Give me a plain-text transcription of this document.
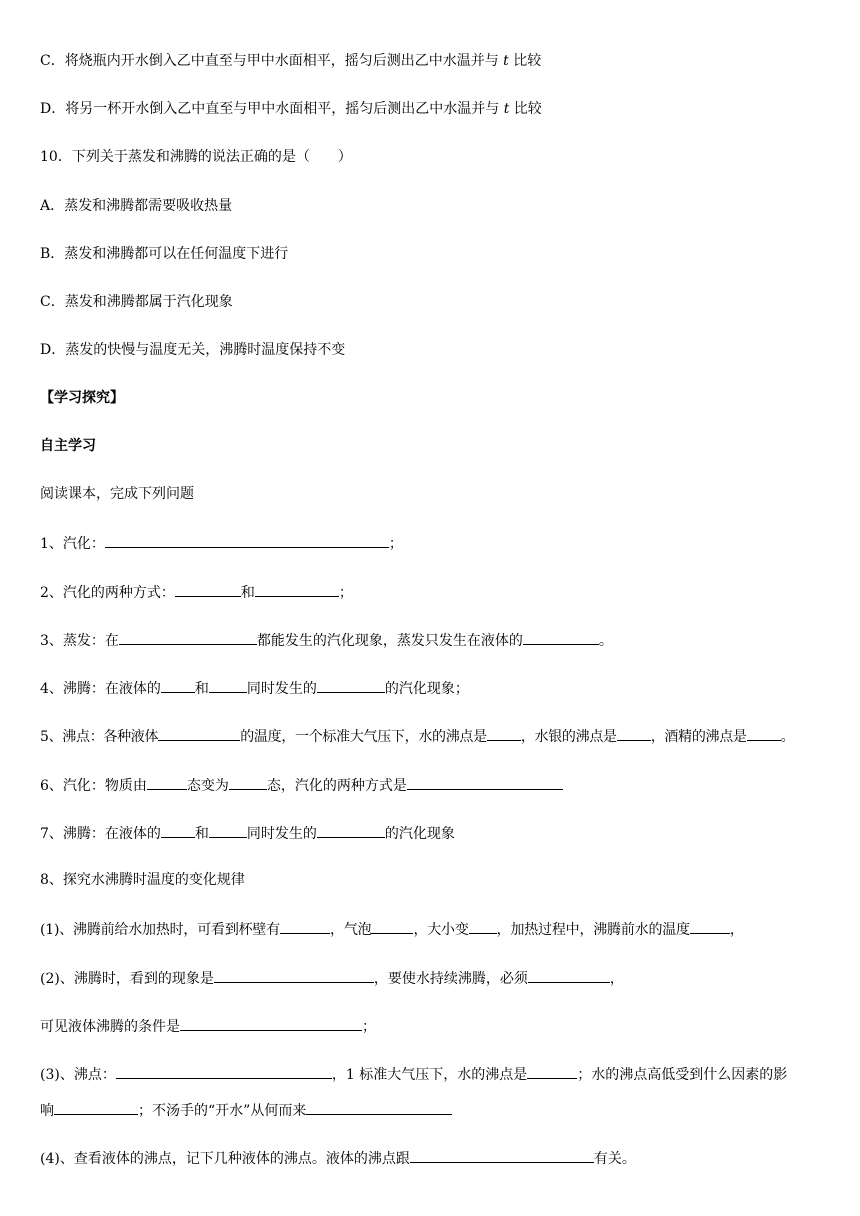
C．将烧瓶内开水倒入乙中直至与甲中水面相平，摇匀后测出乙中水温并与 t 比较
D．将另一杯开水倒入乙中直至与甲中水面相平，摇匀后测出乙中水温并与 t 比较
10．下列关于蒸发和沸腾的说法正确的是（　　）
A．蒸发和沸腾都需要吸收热量
B．蒸发和沸腾都可以在任何温度下进行
C．蒸发和沸腾都属于汽化现象
D．蒸发的快慢与温度无关，沸腾时温度保持不变
【学习探究】
自主学习
阅读课本，完成下列问题
1、汽化：	；
2、汽化的两种方式：	和	；
3、蒸发：在	都能发生的汽化现象，蒸发只发生在液体的	。
4、沸腾：在液体的 和	同时发生的	的汽化现象；
5、沸点：各种液体	的温度，一个标准大气压下，水的沸点是 ，水银的沸点是 ，酒精的沸点是 。
6、汽化：物质由	态变为	态，汽化的两种方式是
7、沸腾：在液体的 和	同时发生的	的汽化现象
8、探究水沸腾时温度的变化规律
(1)、沸腾前给水加热时，可看到杯壁有	，气泡	，大小变 ，加热过程中，沸腾前水的温度	，
(2)、沸腾时，看到的现象是	，要使水持续沸腾，必须	，
可见液体沸腾的条件是	；
(3)、沸点：	，1 标准大气压下，水的沸点是	；水的沸点高低受到什么因素的影
响	；不汤手的“开水”从何而来
(4)、查看液体的沸点，记下几种液体的沸点。液体的沸点跟	有关。
